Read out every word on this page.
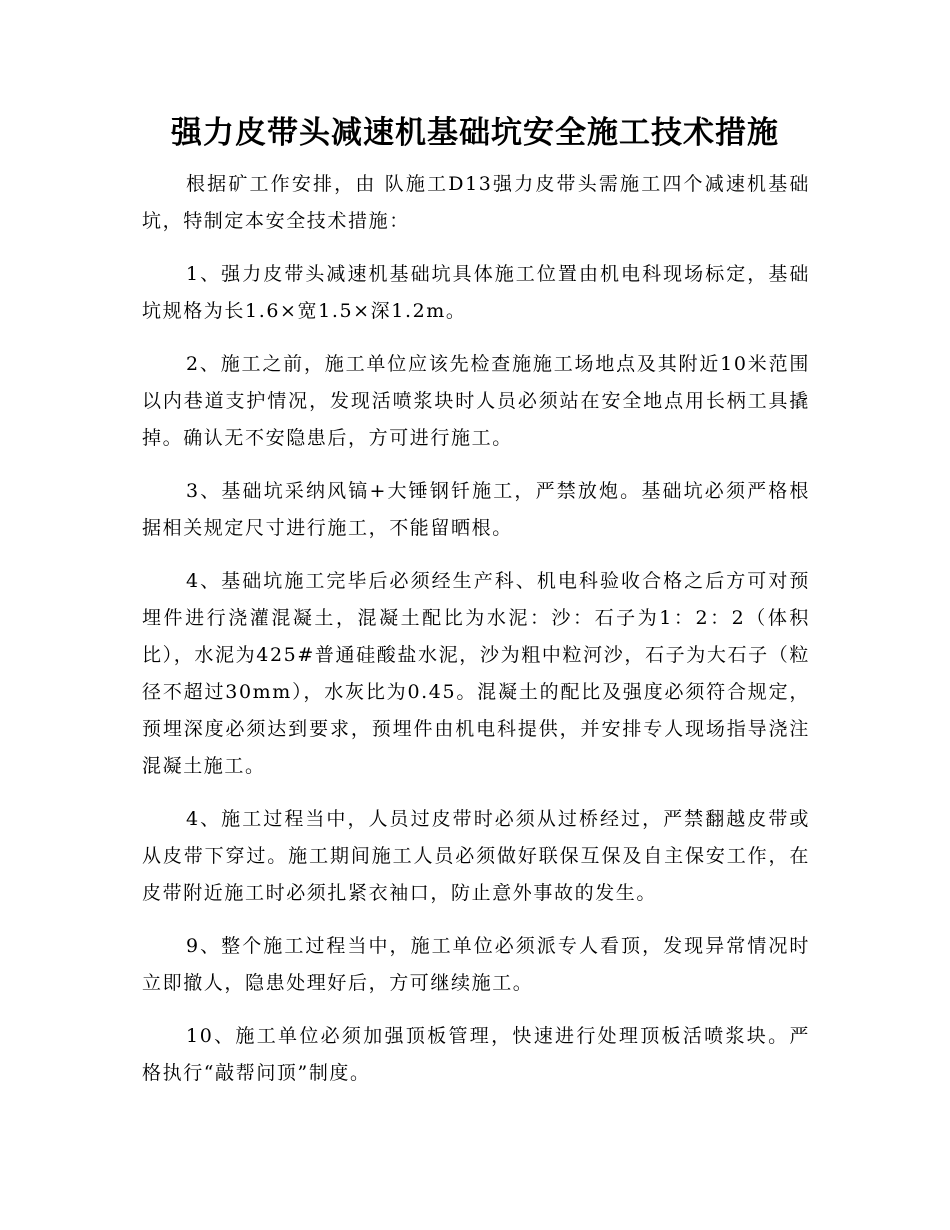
强力皮带头减速机基础坑安全施工技术措施

根据矿工作安排，由 队施工D13强力皮带头需施工四个减速机基础坑，特制定本安全技术措施：

1、强力皮带头减速机基础坑具体施工位置由机电科现场标定，基础坑规格为长1.6×宽1.5×深1.2m。

2、施工之前，施工单位应该先检查施施工场地点及其附近10米范围以内巷道支护情况，发现活喷浆块时人员必须站在安全地点用长柄工具撬掉。确认无不安隐患后，方可进行施工。

3、基础坑采纳风镐+大锤钢钎施工，严禁放炮。基础坑必须严格根据相关规定尺寸进行施工，不能留晒根。

4、基础坑施工完毕后必须经生产科、机电科验收合格之后方可对预埋件进行浇灌混凝土，混凝土配比为水泥：沙：石子为1：2：2（体积比），水泥为425#普通硅酸盐水泥，沙为粗中粒河沙，石子为大石子（粒径不超过30mm），水灰比为0.45。混凝土的配比及强度必须符合规定，预埋深度必须达到要求，预埋件由机电科提供，并安排专人现场指导浇注混凝土施工。

4、施工过程当中，人员过皮带时必须从过桥经过，严禁翻越皮带或从皮带下穿过。施工期间施工人员必须做好联保互保及自主保安工作，在皮带附近施工时必须扎紧衣袖口，防止意外事故的发生。

9、整个施工过程当中，施工单位必须派专人看顶，发现异常情况时立即撤人，隐患处理好后，方可继续施工。

10、施工单位必须加强顶板管理，快速进行处理顶板活喷浆块。严格执行“敲帮问顶”制度。
